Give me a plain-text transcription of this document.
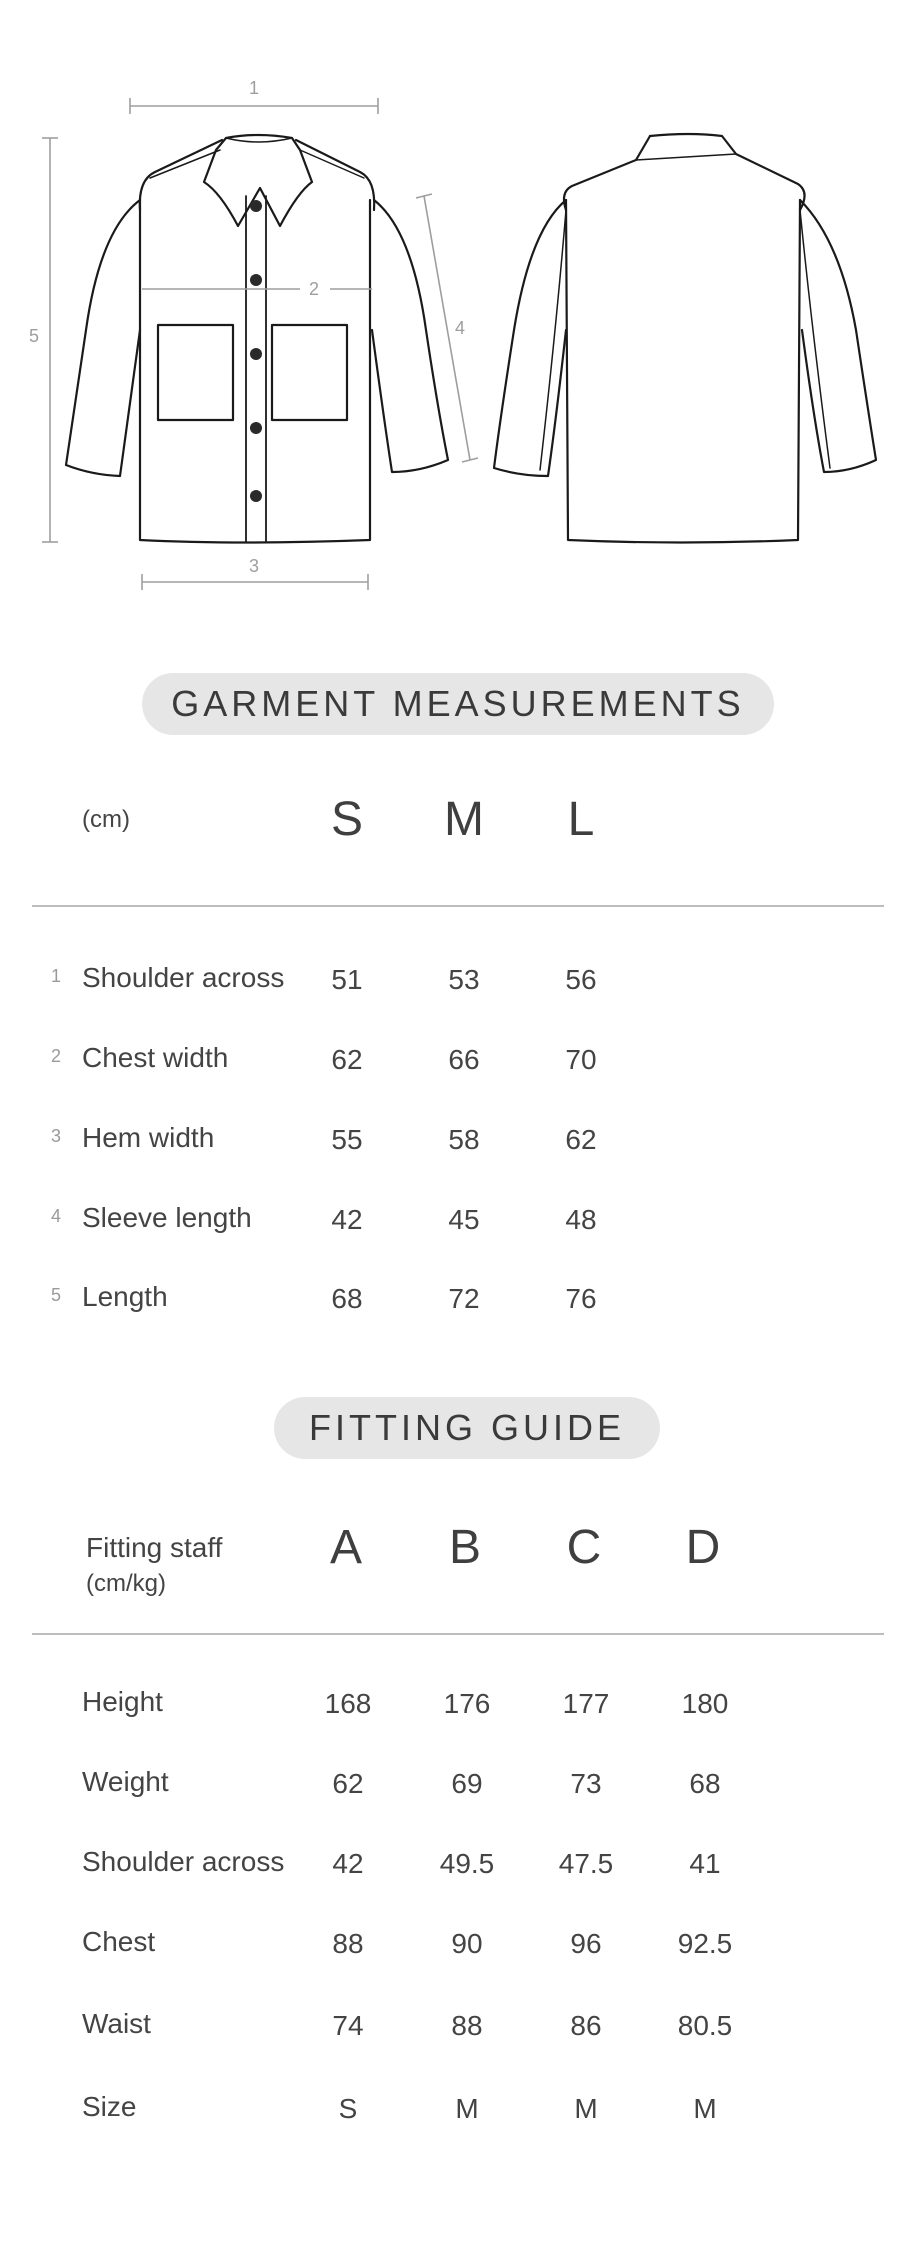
1
2
3
4
5
GARMENT MEASUREMENTS
(cm)	S	M	L
1 Shoulder across	51	53	56
2 Chest width	62	66	70
3 Hem width	55	58	62
4 Sleeve length	42	45	48
5 Length	68	72	76
FITTING GUIDE
Fitting staff
(cm/kg)
A	B	C	D
Height	168	176	177	180
Weight	62	69	73	68
Shoulder across	42	49.5	47.5	41
Chest	88	90	96	92.5
Waist	74	88	86	80.5
Size	S	M	M	M
